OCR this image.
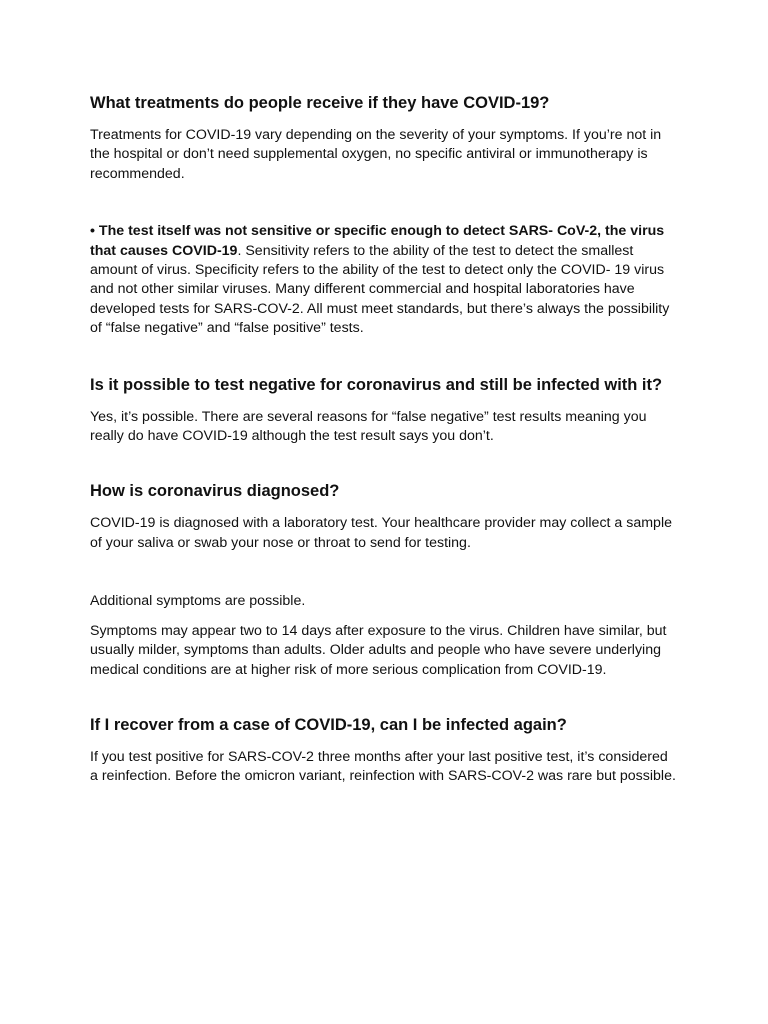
What treatments do people receive if they have COVID-19?

Treatments for COVID-19 vary depending on the severity of your symptoms. If you’re not in the hospital or don’t need supplemental oxygen, no specific antiviral or immunotherapy is recommended.

• The test itself was not sensitive or specific enough to detect SARS- CoV-2, the virus that causes COVID-19. Sensitivity refers to the ability of the test to detect the smallest amount of virus. Specificity refers to the ability of the test to detect only the COVID- 19 virus and not other similar viruses. Many different commercial and hospital laboratories have developed tests for SARS-COV-2. All must meet standards, but there’s always the possibility of “false negative” and “false positive” tests.

Is it possible to test negative for coronavirus and still be infected with it?

Yes, it’s possible. There are several reasons for “false negative” test results meaning you really do have COVID-19 although the test result says you don’t.

How is coronavirus diagnosed?

COVID-19 is diagnosed with a laboratory test. Your healthcare provider may collect a sample of your saliva or swab your nose or throat to send for testing.

Additional symptoms are possible.

Symptoms may appear two to 14 days after exposure to the virus. Children have similar, but usually milder, symptoms than adults. Older adults and people who have severe underlying medical conditions are at higher risk of more serious complication from COVID-19.

If I recover from a case of COVID-19, can I be infected again?

If you test positive for SARS-COV-2 three months after your last positive test, it’s considered a reinfection. Before the omicron variant, reinfection with SARS-COV-2 was rare but possible.
